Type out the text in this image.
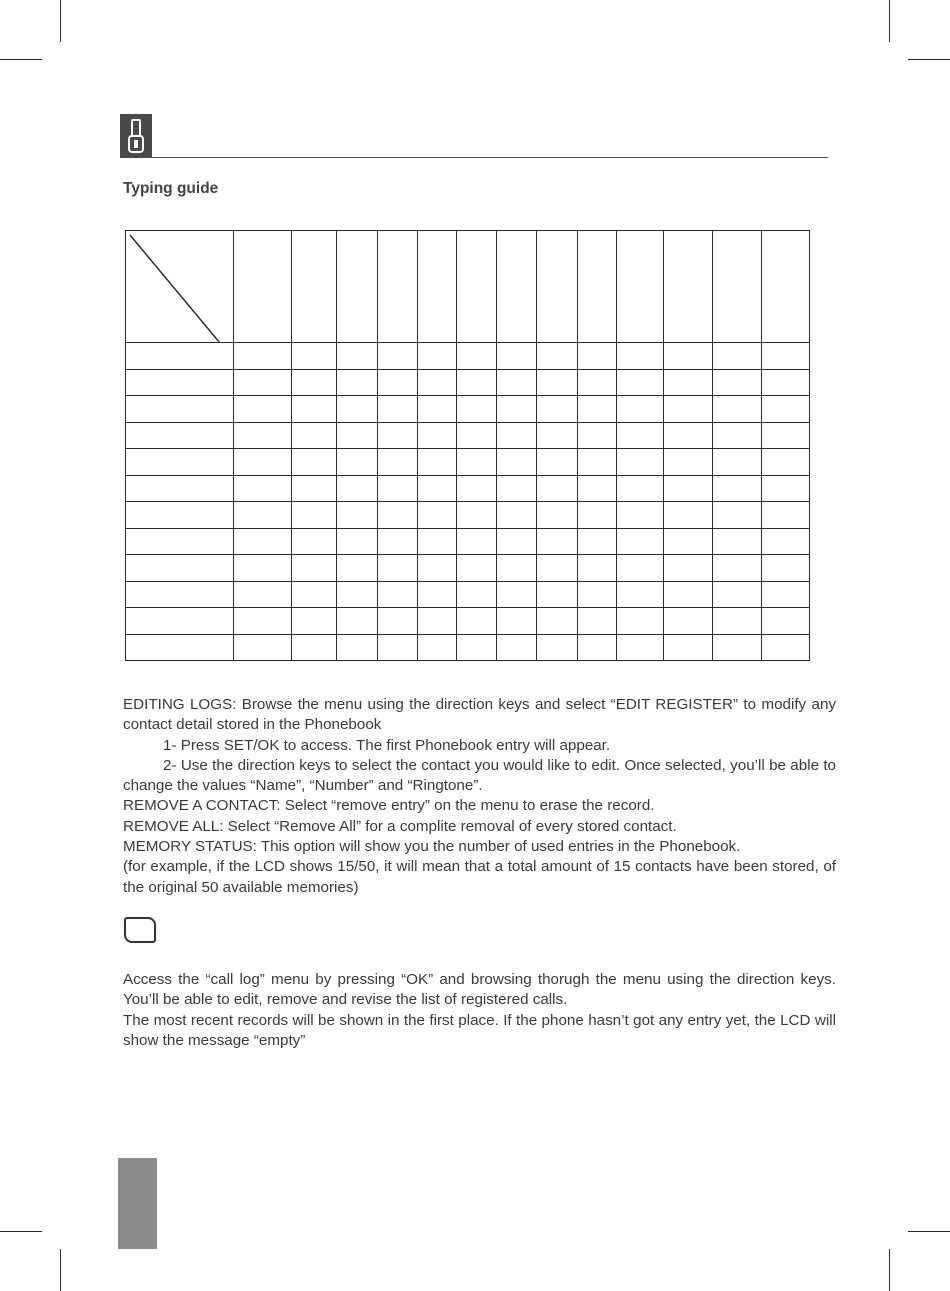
Typing guide

EDITING LOGS: Browse the menu using the direction keys and select “EDIT REGISTER” to modify any contact detail stored in the Phonebook

1- Press SET/OK to access. The first Phonebook entry will appear.

2- Use the direction keys to select the contact you would like to edit. Once selected, you’ll be able to change the values “Name”, “Number” and “Ringtone”.

REMOVE A CONTACT: Select “remove entry” on the menu to erase the record.

REMOVE ALL: Select “Remove All” for a complite removal of every stored contact.

MEMORY STATUS: This option will show you the number of used entries in the Phonebook.

(for example, if the LCD shows 15/50, it will mean that a total amount of 15 contacts have been stored, of the original 50 available memories)

Access the “call log” menu by pressing “OK” and browsing thorugh the menu using the direction keys. You’ll be able to edit, remove and revise the list of registered calls.

The most recent records will be shown in the first place. If the phone hasn’t got any entry yet, the LCD will show the message “empty”
